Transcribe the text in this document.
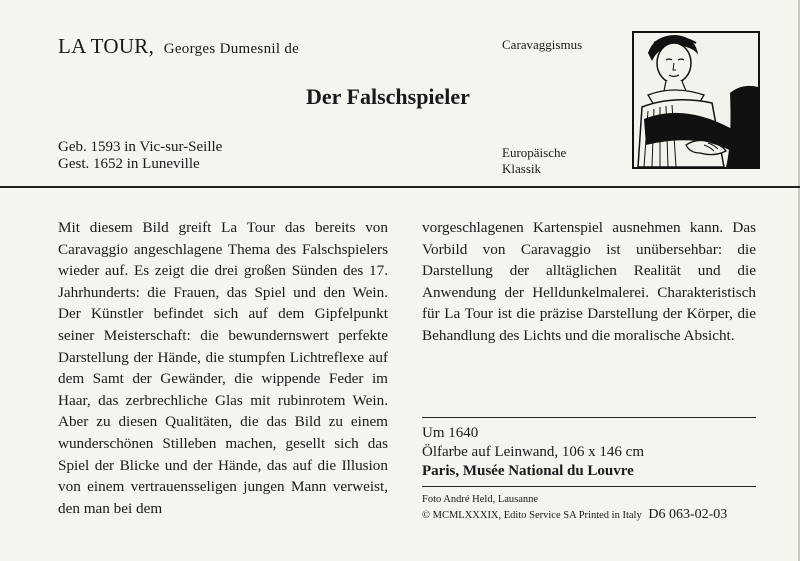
LA TOUR, Georges Dumesnil de	Caravaggismus
Der Falschspieler
Geb. 1593 in Vic-sur-Seille
Gest. 1652 in Luneville
Europäische
Klassik
Mit diesem Bild greift La Tour das bereits von Caravaggio angeschlagene Thema des Falschspielers wieder auf. Es zeigt die drei großen Sünden des 17. Jahrhunderts: die Frauen, das Spiel und den Wein. Der Künstler befindet sich auf dem Gipfelpunkt seiner Meisterschaft: die bewundernswert perfekte Darstellung der Hände, die stumpfen Lichtreflexe auf dem Samt der Gewänder, die wippende Feder im Haar, das zerbrechliche Glas mit rubinrotem Wein. Aber zu diesen Qualitäten, die das Bild zu einem wunderschönen Stilleben machen, gesellt sich das Spiel der Blicke und der Hände, das auf die Illusion von einem vertrauensseligen jungen Mann verweist, den man bei dem
vorgeschlagenen Kartenspiel ausnehmen kann. Das Vorbild von Caravaggio ist unübersehbar: die Darstellung der alltäglichen Realität und die Anwendung der Helldunkelmalerei. Charakteristisch für La Tour ist die präzise Darstellung der Körper, die Behandlung des Lichts und die moralische Absicht.
Um 1640
Ölfarbe auf Leinwand, 106 x 146 cm
Paris, Musée National du Louvre
Foto André Held, Lausanne
© MCMLXXXIX, Edito Service SA Printed in Italy D6 063-02-03
